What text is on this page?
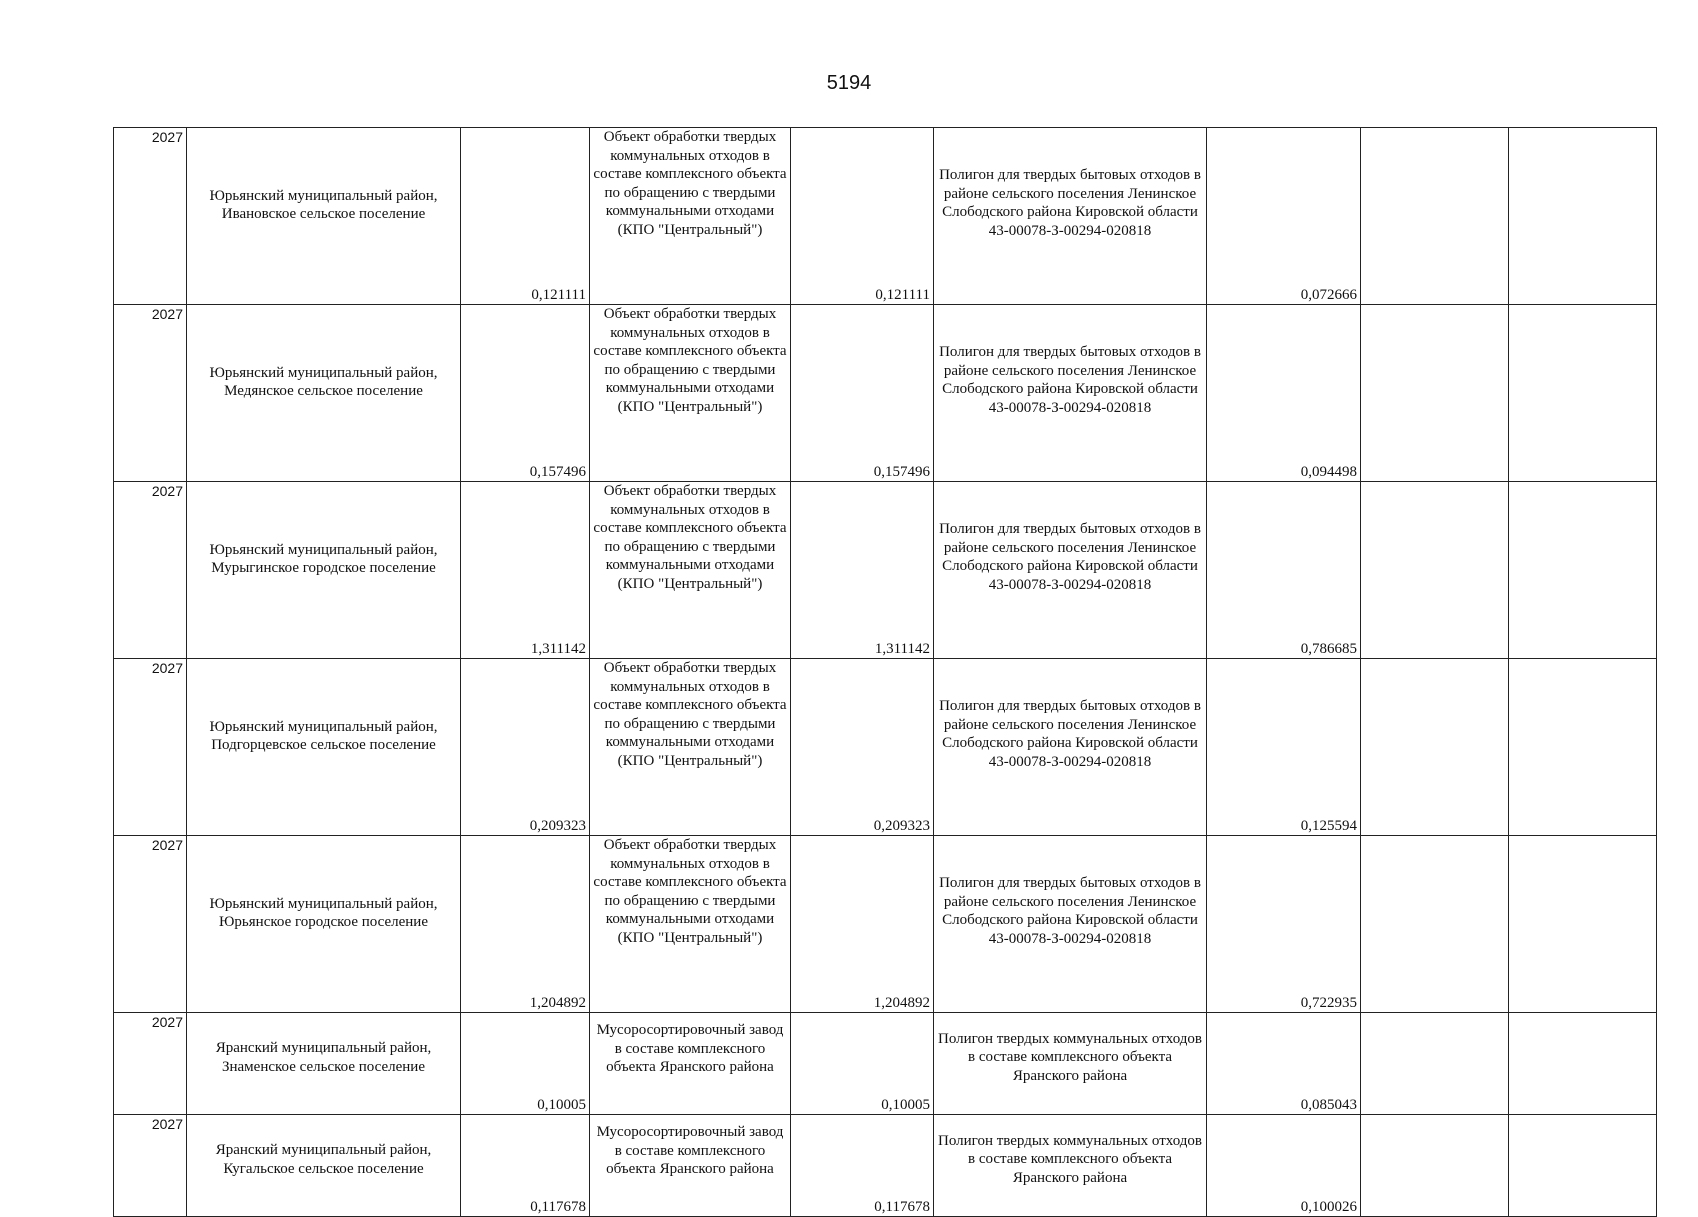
5194
2027	Юрьянский муниципальный район, Ивановское сельское поселение	0,121111	Объект обработки твердых коммунальных отходов в составе комплексного объекта по обращению с твердыми коммунальными отходами (КПО "Центральный")	0,121111	Полигон для твердых бытовых отходов в районе сельского поселения Ленинское Слободского района Кировской области 43-00078-З-00294-020818	0,072666		
2027	Юрьянский муниципальный район, Медянское сельское поселение	0,157496	Объект обработки твердых коммунальных отходов в составе комплексного объекта по обращению с твердыми коммунальными отходами (КПО "Центральный")	0,157496	Полигон для твердых бытовых отходов в районе сельского поселения Ленинское Слободского района Кировской области 43-00078-З-00294-020818	0,094498		
2027	Юрьянский муниципальный район, Мурыгинское городское поселение	1,311142	Объект обработки твердых коммунальных отходов в составе комплексного объекта по обращению с твердыми коммунальными отходами (КПО "Центральный")	1,311142	Полигон для твердых бытовых отходов в районе сельского поселения Ленинское Слободского района Кировской области 43-00078-З-00294-020818	0,786685		
2027	Юрьянский муниципальный район, Подгорцевское сельское поселение	0,209323	Объект обработки твердых коммунальных отходов в составе комплексного объекта по обращению с твердыми коммунальными отходами (КПО "Центральный")	0,209323	Полигон для твердых бытовых отходов в районе сельского поселения Ленинское Слободского района Кировской области 43-00078-З-00294-020818	0,125594		
2027	Юрьянский муниципальный район, Юрьянское городское поселение	1,204892	Объект обработки твердых коммунальных отходов в составе комплексного объекта по обращению с твердыми коммунальными отходами (КПО "Центральный")	1,204892	Полигон для твердых бытовых отходов в районе сельского поселения Ленинское Слободского района Кировской области 43-00078-З-00294-020818	0,722935		
2027	Яранский муниципальный район, Знаменское сельское поселение	0,10005	Мусоросортировочный завод в составе комплексного объекта Яранского района	0,10005	Полигон твердых коммунальных отходов в составе комплексного объекта Яранского района	0,085043		
2027	Яранский муниципальный район, Кугальское сельское поселение	0,117678	Мусоросортировочный завод в составе комплексного объекта Яранского района	0,117678	Полигон твердых коммунальных отходов в составе комплексного объекта Яранского района	0,100026		
